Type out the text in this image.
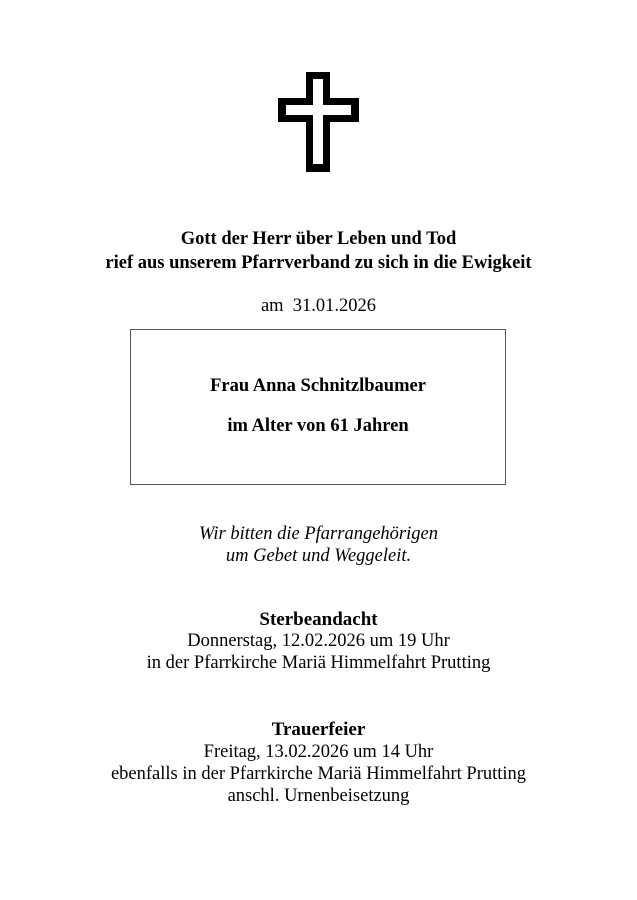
Gott der Herr über Leben und Tod
rief aus unserem Pfarrverband zu sich in die Ewigkeit
am 31.01.2026
Frau Anna Schnitzlbaumer
im Alter von 61 Jahren
Wir bitten die Pfarrangehörigen
um Gebet und Weggeleit.
Sterbeandacht
Donnerstag, 12.02.2026 um 19 Uhr
in der Pfarrkirche Mariä Himmelfahrt Prutting
Trauerfeier
Freitag, 13.02.2026 um 14 Uhr
ebenfalls in der Pfarrkirche Mariä Himmelfahrt Prutting
anschl. Urnenbeisetzung
